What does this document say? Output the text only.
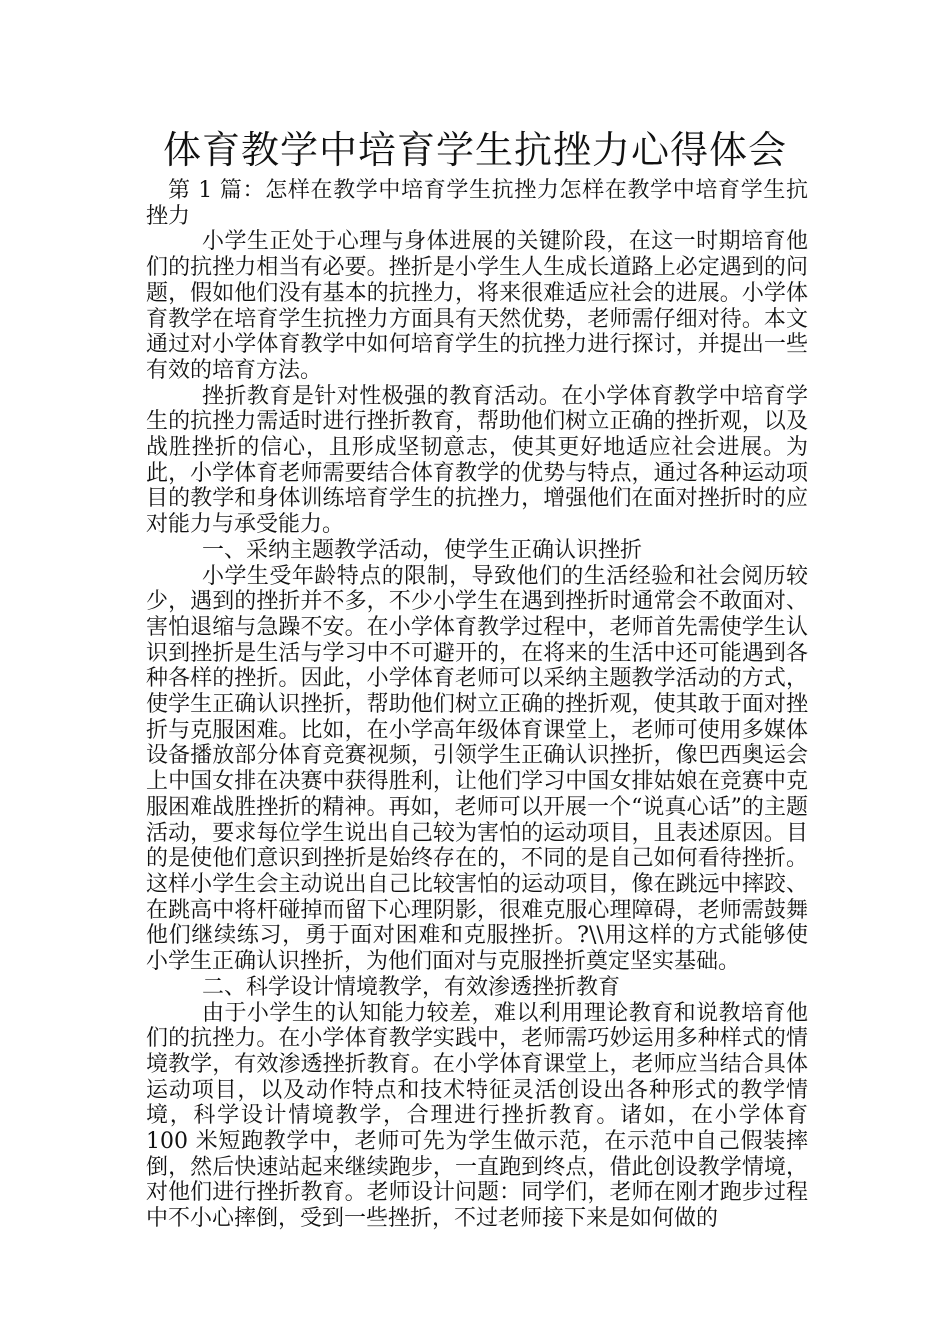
体育教学中培育学生抗挫力心得体会

第 1 篇：怎样在教学中培育学生抗挫力怎样在教学中培育学生抗挫力

小学生正处于心理与身体进展的关键阶段，在这一时期培育他们的抗挫力相当有必要。挫折是小学生人生成长道路上必定遇到的问题，假如他们没有基本的抗挫力，将来很难适应社会的进展。小学体育教学在培育学生抗挫力方面具有天然优势，老师需仔细对待。本文通过对小学体育教学中如何培育学生的抗挫力进行探讨，并提出一些有效的培育方法。

挫折教育是针对性极强的教育活动。在小学体育教学中培育学生的抗挫力需适时进行挫折教育，帮助他们树立正确的挫折观，以及战胜挫折的信心，且形成坚韧意志，使其更好地适应社会进展。为此，小学体育老师需要结合体育教学的优势与特点，通过各种运动项目的教学和身体训练培育学生的抗挫力，增强他们在面对挫折时的应对能力与承受能力。

一、采纳主题教学活动，使学生正确认识挫折

小学生受年龄特点的限制，导致他们的生活经验和社会阅历较少，遇到的挫折并不多，不少小学生在遇到挫折时通常会不敢面对、害怕退缩与急躁不安。在小学体育教学过程中，老师首先需使学生认识到挫折是生活与学习中不可避开的，在将来的生活中还可能遇到各种各样的挫折。因此，小学体育老师可以采纳主题教学活动的方式，使学生正确认识挫折，帮助他们树立正确的挫折观，使其敢于面对挫折与克服困难。比如，在小学高年级体育课堂上，老师可使用多媒体设备播放部分体育竞赛视频，引领学生正确认识挫折，像巴西奥运会上中国女排在决赛中获得胜利，让他们学习中国女排姑娘在竞赛中克服困难战胜挫折的精神。再如，老师可以开展一个“说真心话”的主题活动，要求每位学生说出自己较为害怕的运动项目，且表述原因。目的是使他们意识到挫折是始终存在的，不同的是自己如何看待挫折。这样小学生会主动说出自己比较害怕的运动项目，像在跳远中摔跤、在跳高中将杆碰掉而留下心理阴影，很难克服心理障碍，老师需鼓舞他们继续练习，勇于面对困难和克服挫折。?\\用这样的方式能够使小学生正确认识挫折，为他们面对与克服挫折奠定坚实基础。

二、科学设计情境教学，有效渗透挫折教育

由于小学生的认知能力较差，难以利用理论教育和说教培育他们的抗挫力。在小学体育教学实践中，老师需巧妙运用多种样式的情境教学，有效渗透挫折教育。在小学体育课堂上，老师应当结合具体运动项目，以及动作特点和技术特征灵活创设出各种形式的教学情境，科学设计情境教学，合理进行挫折教育。诸如，在小学体育 100 米短跑教学中，老师可先为学生做示范，在示范中自己假装摔倒，然后快速站起来继续跑步，一直跑到终点，借此创设教学情境，对他们进行挫折教育。老师设计问题：同学们，老师在刚才跑步过程中不小心摔倒，受到一些挫折，不过老师接下来是如何做的
